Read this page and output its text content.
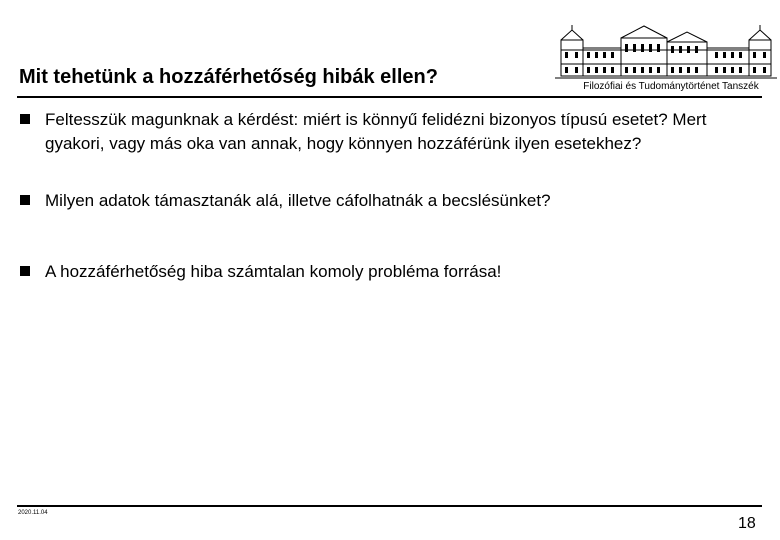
Mit tehetünk a hozzáférhetőség hibák ellen?	Filozófiai és Tudománytörténet Tanszék

Feltesszük magunknak a kérdést: miért is könnyű felidézni bizonyos típusú esetet? Mert gyakori, vagy más oka van annak, hogy könnyen hozzáférünk ilyen esetekhez?

Milyen adatok támasztanák alá, illetve cáfolhatnák a becslésünket?

A hozzáférhetőség hiba számtalan komoly probléma forrása!

2020.11.04
18
